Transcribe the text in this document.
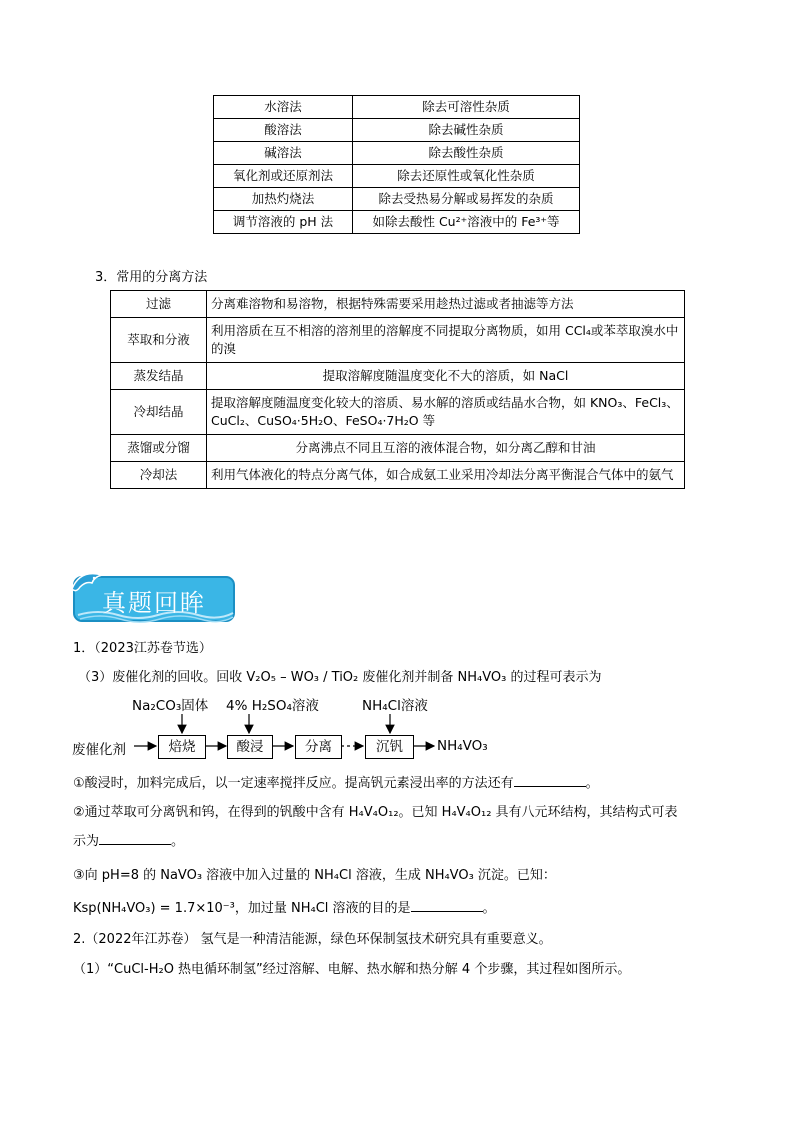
水溶法	除去可溶性杂质
酸溶法	除去碱性杂质
碱溶法	除去酸性杂质
氧化剂或还原剂法	除去还原性或氧化性杂质
加热灼烧法	除去受热易分解或易挥发的杂质
调节溶液的 pH 法	如除去酸性 Cu²⁺溶液中的 Fe³⁺等
3．常用的分离方法
过滤	分离难溶物和易溶物，根据特殊需要采用趁热过滤或者抽滤等方法
萃取和分液	利用溶质在互不相溶的溶剂里的溶解度不同提取分离物质，如用 CCl₄或苯萃取溴水中的溴
蒸发结晶	提取溶解度随温度变化不大的溶质，如 NaCl
冷却结晶	提取溶解度随温度变化较大的溶质、易水解的溶质或结晶水合物，如 KNO₃、FeCl₃、CuCl₂、CuSO₄·5H₂O、FeSO₄·7H₂O 等
蒸馏或分馏	分离沸点不同且互溶的液体混合物，如分离乙醇和甘油
冷却法	利用气体液化的特点分离气体，如合成氨工业采用冷却法分离平衡混合气体中的氨气
真题回眸
1．（2023江苏卷节选）
（3）废催化剂的回收。回收 V₂O₅ – WO₃ / TiO₂ 废催化剂并制备 NH₄VO₃ 的过程可表示为
Na₂CO₃固体 4% H₂SO₄溶液	NH₄Cl溶液
废催化剂	焙烧	酸浸	分离	沉钒	NH₄VO₃
①酸浸时，加料完成后，以一定速率搅拌反应。提高钒元素浸出率的方法还有	。
②通过萃取可分离钒和钨，在得到的钒酸中含有 H₄V₄O₁₂。已知 H₄V₄O₁₂ 具有八元环结构，其结构式可表
示为	。
③向 pH=8 的 NaVO₃ 溶液中加入过量的 NH₄Cl 溶液，生成 NH₄VO₃ 沉淀。已知：
Ksp(NH₄VO₃) = 1.7×10⁻³，加过量 NH₄Cl 溶液的目的是	。
2.（2022年江苏卷） 氢气是一种清洁能源，绿色环保制氢技术研究具有重要意义。
（1）“CuCl-H₂O 热电循环制氢”经过溶解、电解、热水解和热分解 4 个步骤，其过程如图所示。
